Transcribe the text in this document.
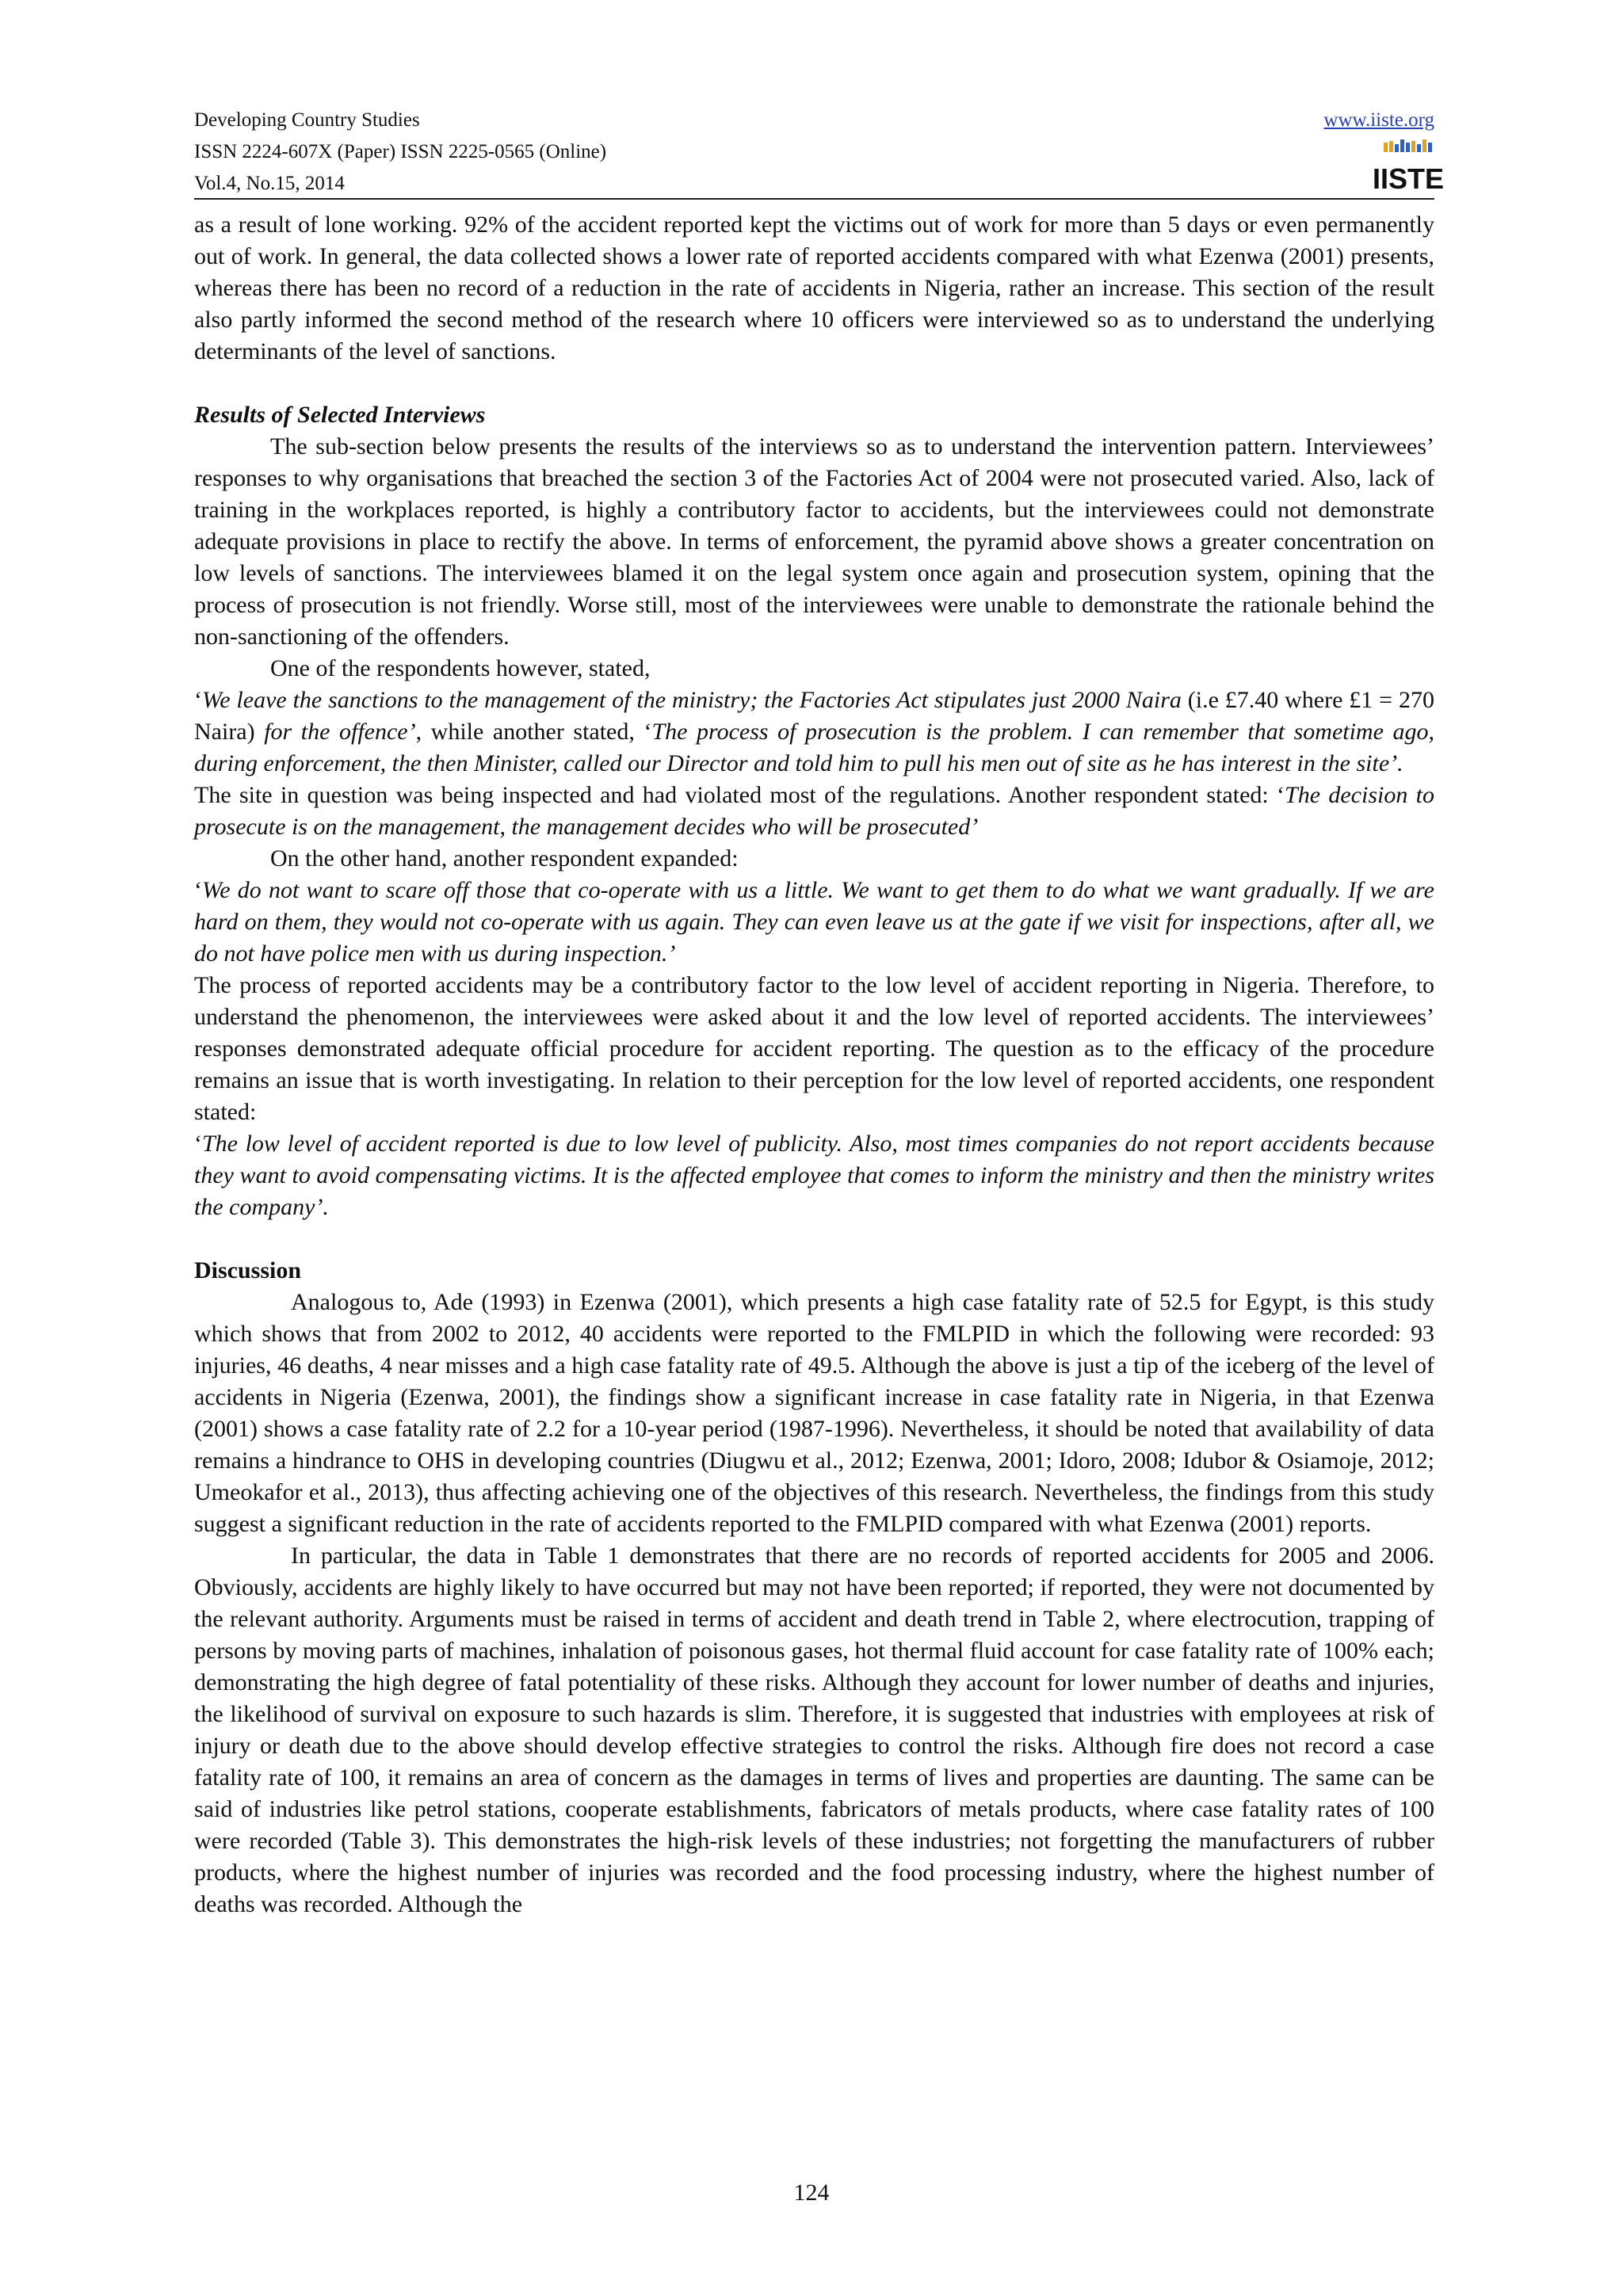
Developing Country Studies
ISSN 2224-607X (Paper) ISSN 2225-0565 (Online)
Vol.4, No.15, 2014
www.iiste.org
IISTE

as a result of lone working. 92% of the accident reported kept the victims out of work for more than 5 days or even permanently out of work. In general, the data collected shows a lower rate of reported accidents compared with what Ezenwa (2001) presents, whereas there has been no record of a reduction in the rate of accidents in Nigeria, rather an increase. This section of the result also partly informed the second method of the research where 10 officers were interviewed so as to understand the underlying determinants of the level of sanctions.

Results of Selected Interviews

The sub-section below presents the results of the interviews so as to understand the intervention pattern. Interviewees’ responses to why organisations that breached the section 3 of the Factories Act of 2004 were not prosecuted varied. Also, lack of training in the workplaces reported, is highly a contributory factor to accidents, but the interviewees could not demonstrate adequate provisions in place to rectify the above. In terms of enforcement, the pyramid above shows a greater concentration on low levels of sanctions. The interviewees blamed it on the legal system once again and prosecution system, opining that the process of prosecution is not friendly. Worse still, most of the interviewees were unable to demonstrate the rationale behind the non-sanctioning of the offenders.

One of the respondents however, stated,

‘We leave the sanctions to the management of the ministry; the Factories Act stipulates just 2000 Naira (i.e £7.40 where £1 = 270 Naira) for the offence’, while another stated, ‘The process of prosecution is the problem. I can remember that sometime ago, during enforcement, the then Minister, called our Director and told him to pull his men out of site as he has interest in the site’.

The site in question was being inspected and had violated most of the regulations. Another respondent stated: ‘The decision to prosecute is on the management, the management decides who will be prosecuted’

On the other hand, another respondent expanded:

‘We do not want to scare off those that co-operate with us a little. We want to get them to do what we want gradually. If we are hard on them, they would not co-operate with us again. They can even leave us at the gate if we visit for inspections, after all, we do not have police men with us during inspection.’

The process of reported accidents may be a contributory factor to the low level of accident reporting in Nigeria. Therefore, to understand the phenomenon, the interviewees were asked about it and the low level of reported accidents. The interviewees’ responses demonstrated adequate official procedure for accident reporting. The question as to the efficacy of the procedure remains an issue that is worth investigating. In relation to their perception for the low level of reported accidents, one respondent stated:

‘The low level of accident reported is due to low level of publicity. Also, most times companies do not report accidents because they want to avoid compensating victims. It is the affected employee that comes to inform the ministry and then the ministry writes the company’.

Discussion

Analogous to, Ade (1993) in Ezenwa (2001), which presents a high case fatality rate of 52.5 for Egypt, is this study which shows that from 2002 to 2012, 40 accidents were reported to the FMLPID in which the following were recorded: 93 injuries, 46 deaths, 4 near misses and a high case fatality rate of 49.5. Although the above is just a tip of the iceberg of the level of accidents in Nigeria (Ezenwa, 2001), the findings show a significant increase in case fatality rate in Nigeria, in that Ezenwa (2001) shows a case fatality rate of 2.2 for a 10-year period (1987-1996). Nevertheless, it should be noted that availability of data remains a hindrance to OHS in developing countries (Diugwu et al., 2012; Ezenwa, 2001; Idoro, 2008; Idubor & Osiamoje, 2012; Umeokafor et al., 2013), thus affecting achieving one of the objectives of this research. Nevertheless, the findings from this study suggest a significant reduction in the rate of accidents reported to the FMLPID compared with what Ezenwa (2001) reports.

In particular, the data in Table 1 demonstrates that there are no records of reported accidents for 2005 and 2006. Obviously, accidents are highly likely to have occurred but may not have been reported; if reported, they were not documented by the relevant authority. Arguments must be raised in terms of accident and death trend in Table 2, where electrocution, trapping of persons by moving parts of machines, inhalation of poisonous gases, hot thermal fluid account for case fatality rate of 100% each; demonstrating the high degree of fatal potentiality of these risks. Although they account for lower number of deaths and injuries, the likelihood of survival on exposure to such hazards is slim. Therefore, it is suggested that industries with employees at risk of injury or death due to the above should develop effective strategies to control the risks. Although fire does not record a case fatality rate of 100, it remains an area of concern as the damages in terms of lives and properties are daunting. The same can be said of industries like petrol stations, cooperate establishments, fabricators of metals products, where case fatality rates of 100 were recorded (Table 3). This demonstrates the high-risk levels of these industries; not forgetting the manufacturers of rubber products, where the highest number of injuries was recorded and the food processing industry, where the highest number of deaths was recorded. Although the

124
